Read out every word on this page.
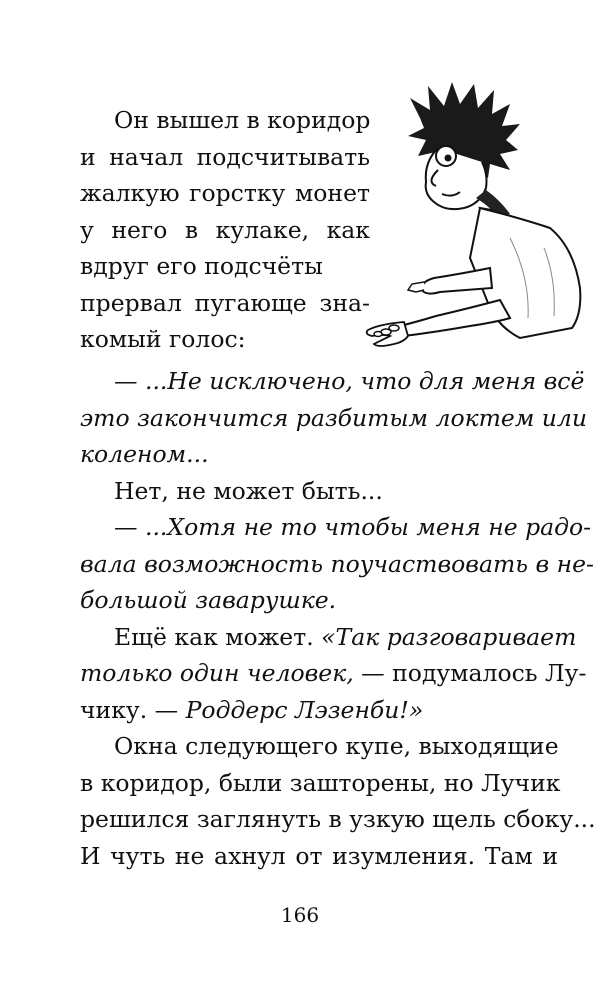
Он вышел в коридор
и начал подсчитывать
жалкую горстку монет
у него в кулаке, как
вдруг его подсчёты
прервал пугающе зна-
комый голос:
— ...Не исключено, что для меня всё
это закончится разбитым локтем или
коленом...
Нет, не может быть...
— ...Хотя не то чтобы меня не радо-
вала возможность поучаствовать в не-
большой заварушке.
Ещё как может. «Так разговаривает
только один человек, — подумалось Лу-
чику. — Роддерс Лэзенби!»
Окна следующего купе, выходящие
в коридор, были зашторены, но Лучик
решился заглянуть в узкую щель сбоку...
И чуть не ахнул от изумления. Там и
166
